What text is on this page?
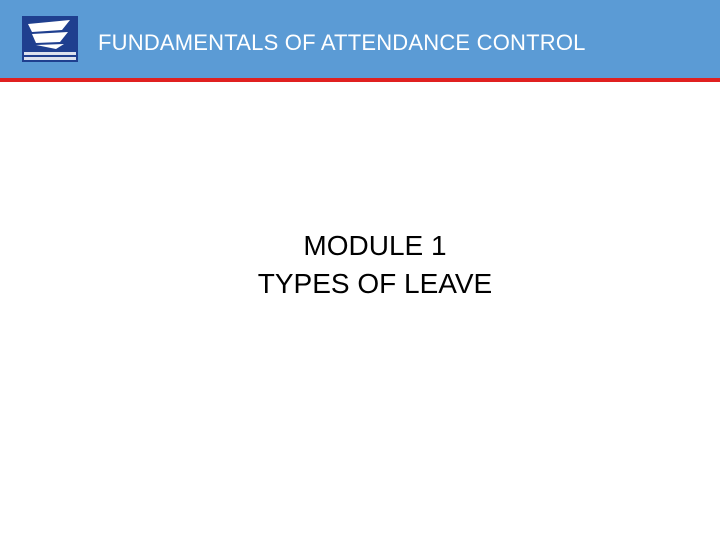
FUNDAMENTALS OF ATTENDANCE CONTROL
MODULE 1
TYPES OF LEAVE
